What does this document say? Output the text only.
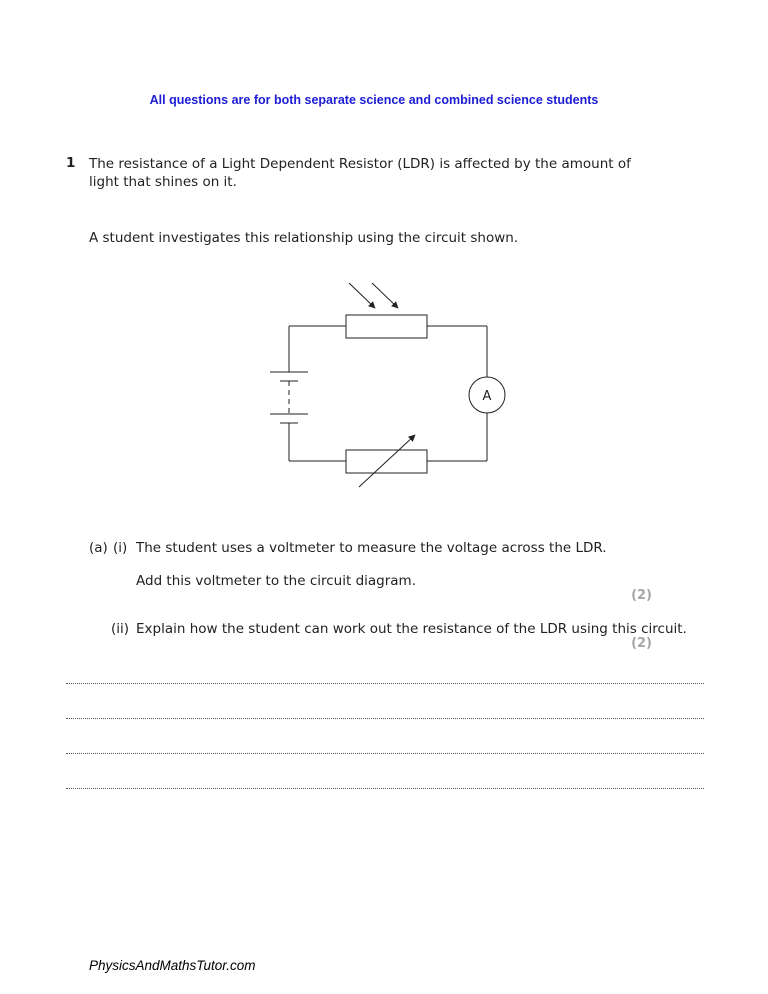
All questions are for both separate science and combined science students
1 The resistance of a Light Dependent Resistor (LDR) is affected by the amount of light that shines on it.
A student investigates this relationship using the circuit shown.
A
(a) (i) The student uses a voltmeter to measure the voltage across the LDR.
Add this voltmeter to the circuit diagram.
(2)
(ii) Explain how the student can work out the resistance of the LDR using this circuit.
(2)
PhysicsAndMathsTutor.com
